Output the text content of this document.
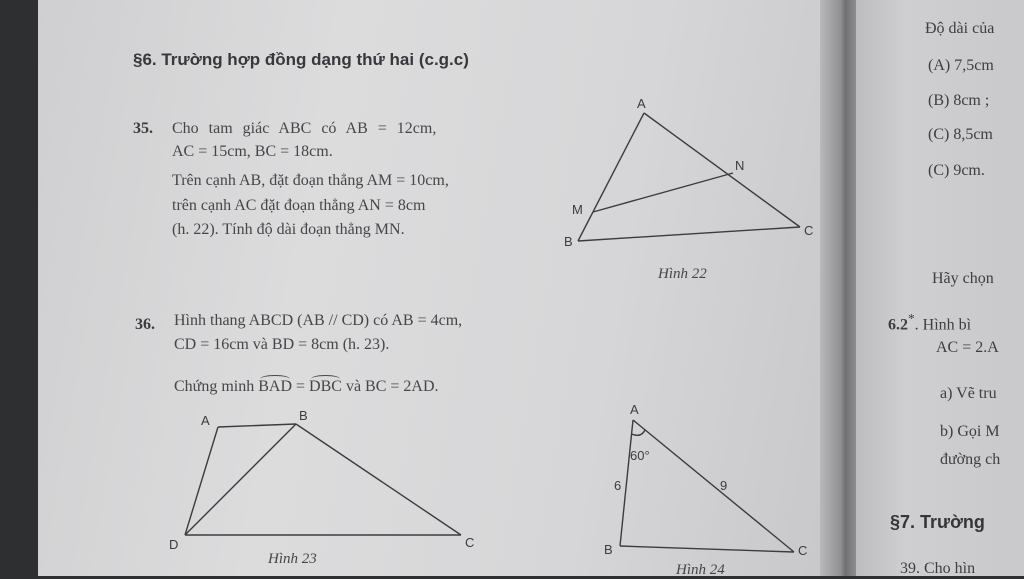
§6. Trường hợp đồng dạng thứ hai (c.g.c)
35. Cho tam giác ABC có AB = 12cm,
AC = 15cm, BC = 18cm.
Trên cạnh AB, đặt đoạn thẳng AM = 10cm,
trên cạnh AC đặt đoạn thẳng AN = 8cm
(h. 22). Tính độ dài đoạn thẳng MN.
A
B
C
M
N
Hình 22
36. Hình thang ABCD (AB // CD) có AB = 4cm,
CD = 16cm và BD = 8cm (h. 23).
Chứng minh BAD = DBC và BC = 2AD.
A	B
D	C
Hình 23
A
B	C
60°
6	9
Hình 24
Độ dài của
(A) 7,5cm
(B) 8cm ;
(C) 8,5cm
(C) 9cm.
Hãy chọn
6.2*. Hình bì
AC = 2.A
a) Vẽ tru
b) Gọi M
đường ch
§7. Trường
39. Cho hìn
